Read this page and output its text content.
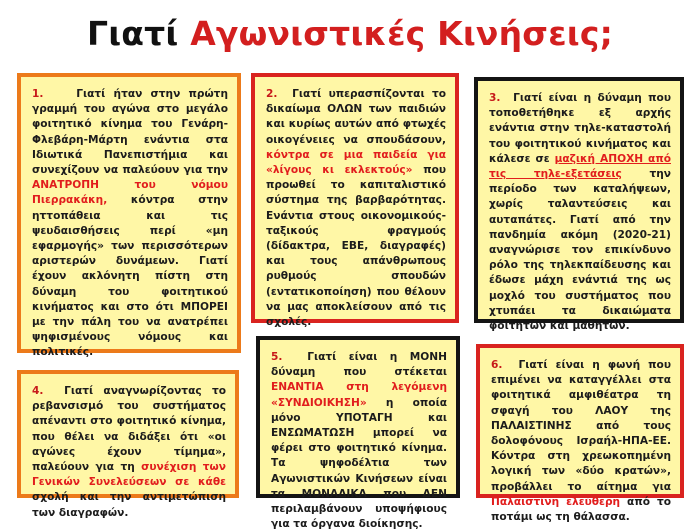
Γιατί Αγωνιστικές Κινήσεις;

1.	Γιατί ήταν στην πρώτη γραμμή του αγώνα στο μεγάλο φοιτητικό κίνημα του Γενάρη-Φλεβάρη-Μάρτη ενάντια στα Ιδιωτικά Πανεπιστήμια και συνεχίζουν να παλεύουν για την ΑΝΑΤΡΟΠΗ του νόμου Πιερρακάκη, κόντρα στην ηττοπάθεια και τις ψευδαισθήσεις περί «μη εφαρμογής» των περισσότερων αριστερών δυνάμεων. Γιατί έχουν ακλόνητη πίστη στη δύναμη του φοιτητικού κινήματος και στο ότι ΜΠΟΡΕΙ με την πάλη του να ανατρέπει ψηφισμένους νόμους και πολιτικές.

2. Γιατί υπερασπίζονται το δικαίωμα ΟΛΩΝ των παιδιών και κυρίως αυτών από φτωχές οικογένειες να σπουδάσουν, κόντρα σε μια παιδεία για «λίγους κι εκλεκτούς» που προωθεί το καπιταλιστικό σύστημα της βαρβαρότητας. Ενάντια στους οικονομικούς-ταξικούς φραγμούς (δίδακτρα, ΕΒΕ, διαγραφές) και τους απάνθρωπους ρυθμούς σπουδών (εντατικοποίηση) που θέλουν να μας αποκλείσουν από τις σχολές.

3. Γιατί είναι η δύναμη που τοποθετήθηκε εξ αρχής ενάντια στην τηλε-καταστολή του φοιτητικού κινήματος και κάλεσε σε μαζική ΑΠΟΧΗ από τις τηλε-εξετάσεις την περίοδο των καταλήψεων, χωρίς ταλαντεύσεις και αυταπάτες. Γιατί από την πανδημία ακόμη (2020-21) αναγνώρισε τον επικίνδυνο ρόλο της τηλεκπαίδευσης και έδωσε μάχη ενάντιά της ως μοχλό του συστήματος που χτυπάει τα δικαιώματα φοιτητών και μαθητών.

4. Γιατί αναγνωρίζοντας το ρεβανσισμό του συστήματος απέναντι στο φοιτητικό κίνημα, που θέλει να διδάξει ότι «οι αγώνες έχουν τίμημα», παλεύουν για τη συνέχιση των Γενικών Συνελεύσεων σε κάθε σχολή και την αντιμετώπιση των διαγραφών.

5. Γιατί είναι η ΜΟΝΗ δύναμη που στέκεται ΕΝΑΝΤΙΑ στη λεγόμενη «ΣΥΝΔΙΟΙΚΗΣΗ» η οποία μόνο ΥΠΟΤΑΓΗ και ΕΝΣΩΜΑΤΩΣΗ μπορεί να φέρει στο φοιτητικό κίνημα. Τα ψηφοδέλτια των Αγωνιστικών Κινήσεων είναι τα ΜΟΝΑΔΙΚΑ που ΔΕΝ περιλαμβάνουν υποψήφιους για τα όργανα διοίκησης.

6. Γιατί είναι η φωνή που επιμένει να καταγγέλλει στα φοιτητικά αμφιθέατρα τη σφαγή του ΛΑΟΥ της ΠΑΛΑΙΣΤΙΝΗΣ από τους δολοφόνους Ισραήλ-ΗΠΑ-ΕΕ. Κόντρα στη χρεωκοπημένη λογική των «δύο κρατών», προβάλλει το αίτημα για Παλαιστίνη ελεύθερη από το ποτάμι ως τη θάλασσα.
